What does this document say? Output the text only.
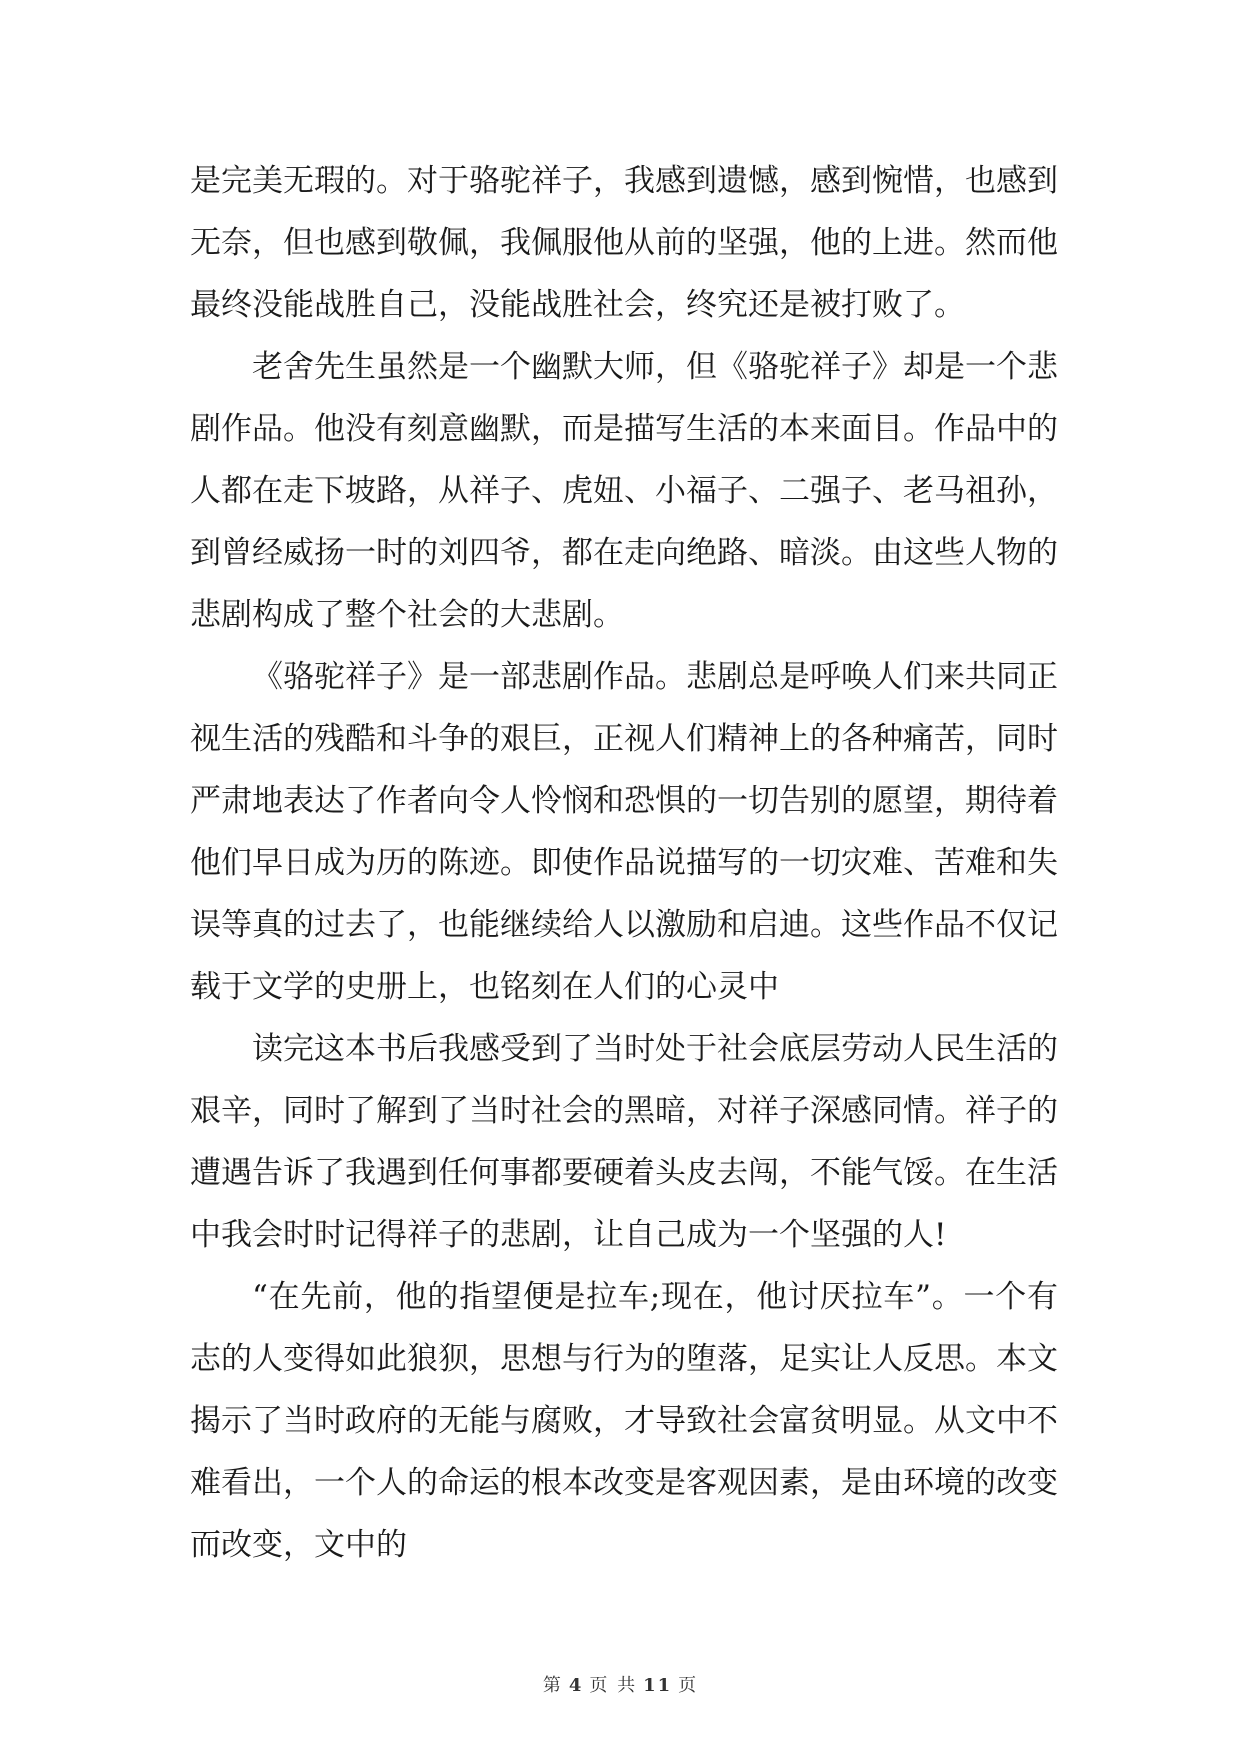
是完美无瑕的。对于骆驼祥子，我感到遗憾，感到惋惜，也感到无奈，但也感到敬佩，我佩服他从前的坚强，他的上进。然而他最终没能战胜自己，没能战胜社会，终究还是被打败了。

老舍先生虽然是一个幽默大师，但《骆驼祥子》却是一个悲剧作品。他没有刻意幽默，而是描写生活的本来面目。作品中的人都在走下坡路，从祥子、虎妞、小福子、二强子、老马祖孙，到曾经威扬一时的刘四爷，都在走向绝路、暗淡。由这些人物的悲剧构成了整个社会的大悲剧。

《骆驼祥子》是一部悲剧作品。悲剧总是呼唤人们来共同正视生活的残酷和斗争的艰巨，正视人们精神上的各种痛苦，同时严肃地表达了作者向令人怜悯和恐惧的一切告别的愿望，期待着他们早日成为历的陈迹。即使作品说描写的一切灾难、苦难和失误等真的过去了，也能继续给人以激励和启迪。这些作品不仅记载于文学的史册上，也铭刻在人们的心灵中

读完这本书后我感受到了当时处于社会底层劳动人民生活的艰辛，同时了解到了当时社会的黑暗，对祥子深感同情。祥子的遭遇告诉了我遇到任何事都要硬着头皮去闯，不能气馁。在生活中我会时时记得祥子的悲剧，让自己成为一个坚强的人!

“在先前，他的指望便是拉车;现在，他讨厌拉车”。一个有志的人变得如此狼狈，思想与行为的堕落，足实让人反思。本文揭示了当时政府的无能与腐败，才导致社会富贫明显。从文中不难看出，一个人的命运的根本改变是客观因素，是由环境的改变而改变，文中的

第 4 页 共 11 页
